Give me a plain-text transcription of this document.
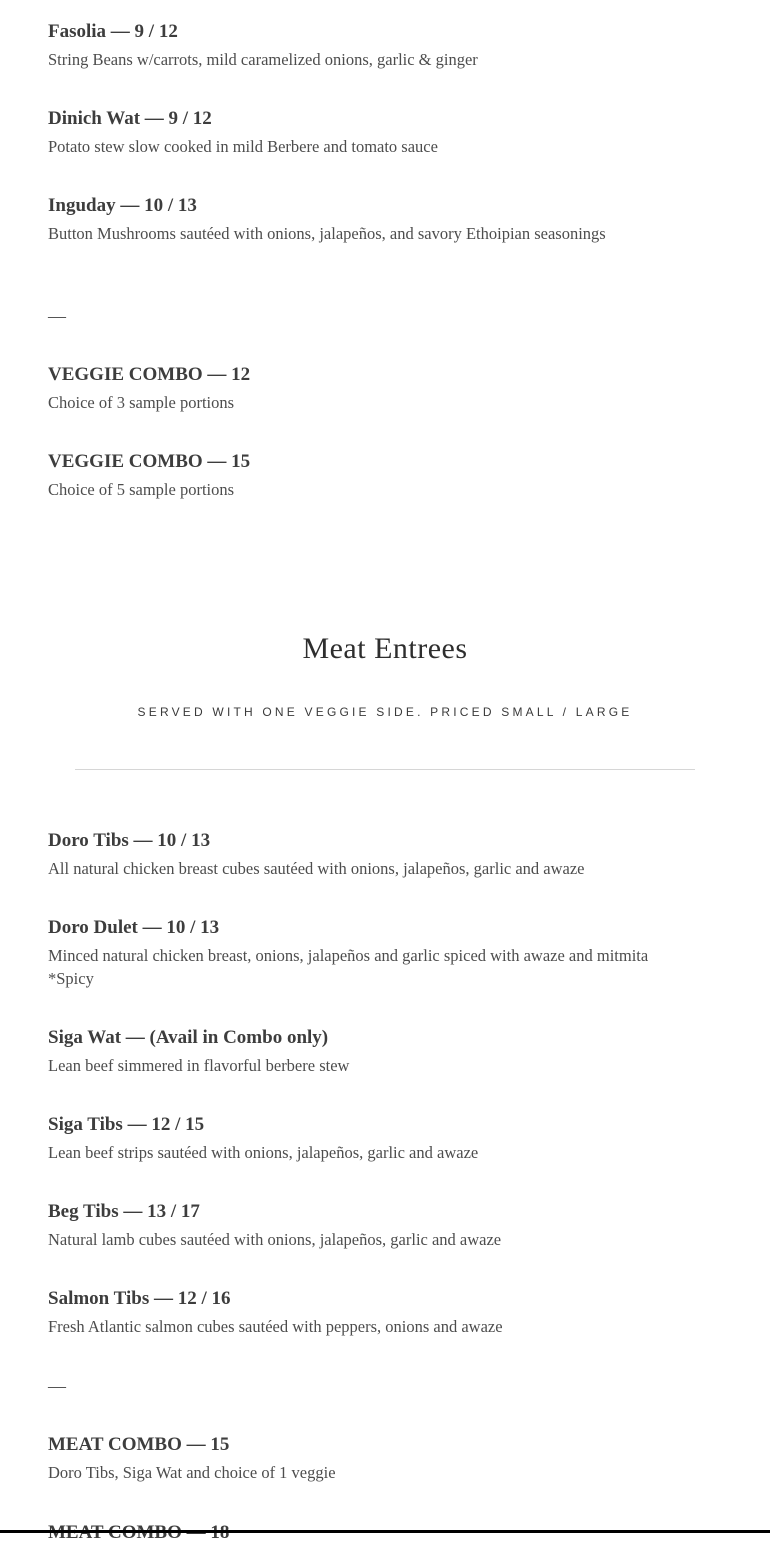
Fasolia — 9 / 12
String Beans w/carrots, mild caramelized onions, garlic & ginger
Dinich Wat — 9 / 12
Potato stew slow cooked in mild Berbere and tomato sauce
Inguday — 10 / 13
Button Mushrooms sautéed with onions, jalapeños, and savory Ethoipian seasonings
—
VEGGIE COMBO — 12
Choice of 3 sample portions
VEGGIE COMBO — 15
Choice of 5 sample portions
Meat Entrees
SERVED WITH ONE VEGGIE SIDE. PRICED SMALL / LARGE
Doro Tibs — 10 / 13
All natural chicken breast cubes sautéed with onions, jalapeños, garlic and awaze
Doro Dulet — 10 / 13
Minced natural chicken breast, onions, jalapeños and garlic spiced with awaze and mitmita *Spicy
Siga Wat — (Avail in Combo only)
Lean beef simmered in flavorful berbere stew
Siga Tibs — 12 / 15
Lean beef strips sautéed with onions, jalapeños, garlic and awaze
Beg Tibs — 13 / 17
Natural lamb cubes sautéed with onions, jalapeños, garlic and awaze
Salmon Tibs — 12 / 16
Fresh Atlantic salmon cubes sautéed with peppers, onions and awaze
—
MEAT COMBO — 15
Doro Tibs, Siga Wat and choice of 1 veggie
